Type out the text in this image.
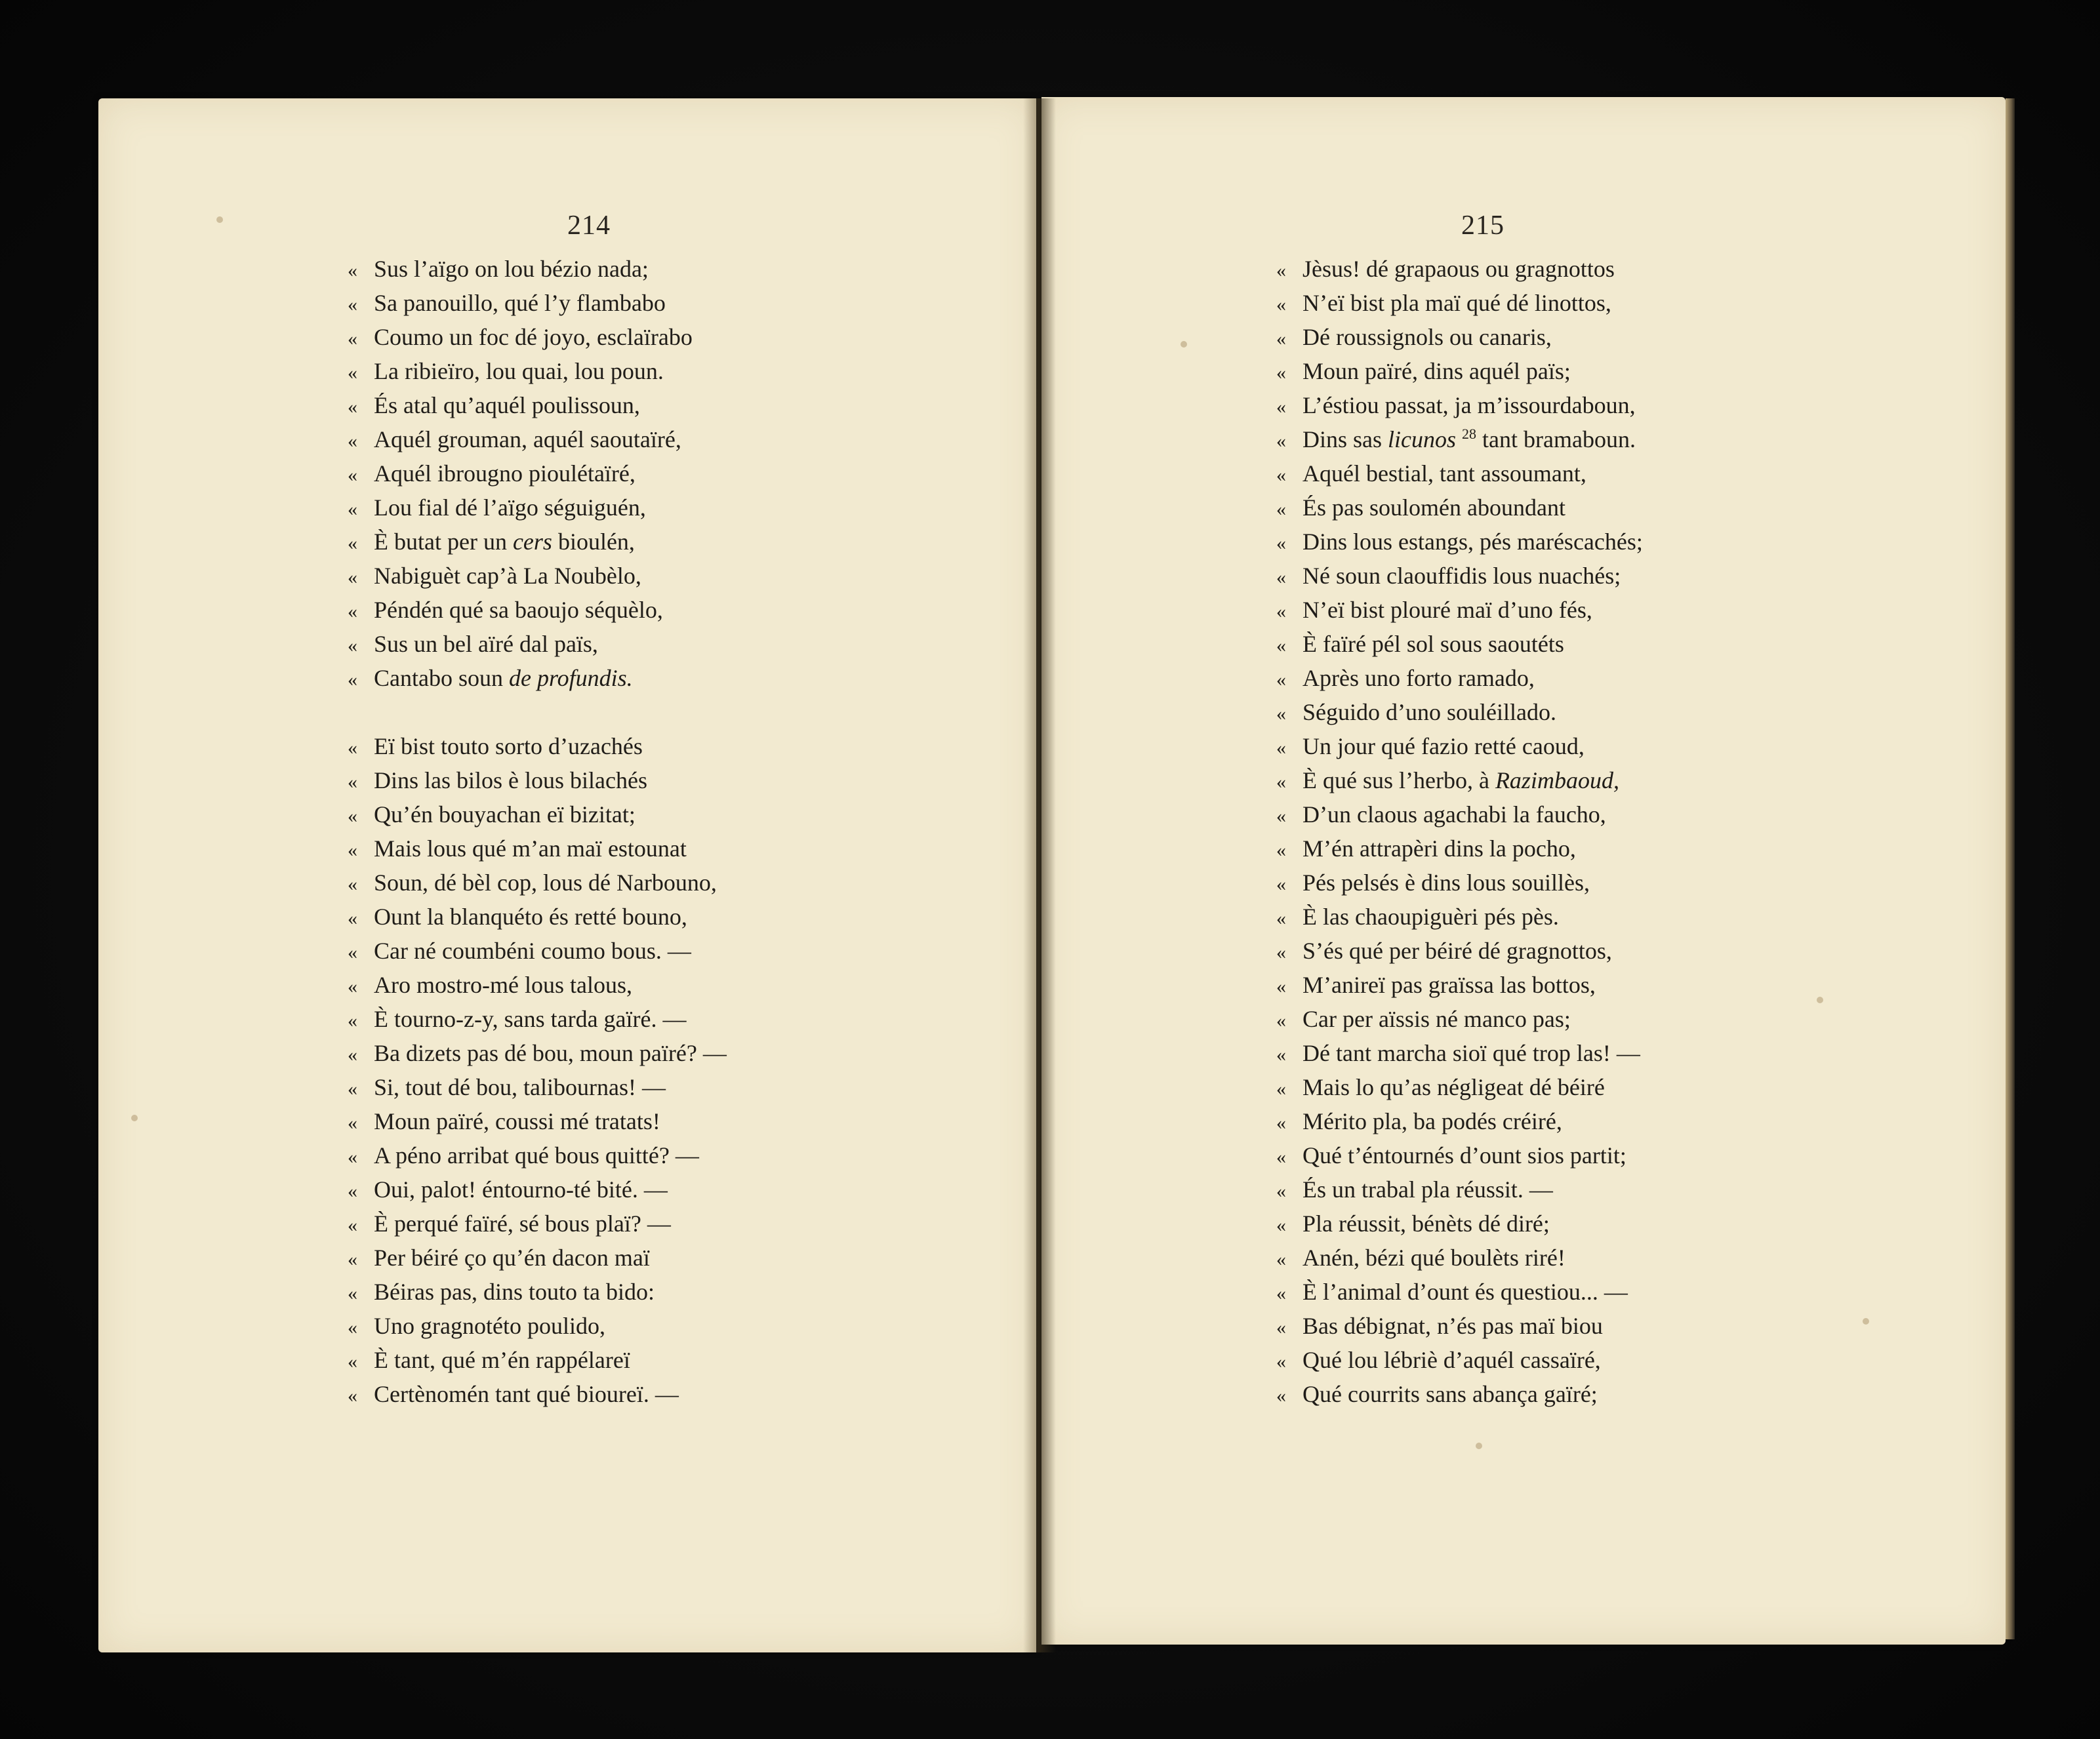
214
« Sus l’aïgo on lou bézio nada;
« Sa panouillo, qué l’y flambabo
« Coumo un foc dé joyo, esclaïrabo
« La ribieïro, lou quai, lou poun.
« És atal qu’aquél poulissoun,
« Aquél grouman, aquél saoutaïré,
« Aquél ibrougno pioulétaïré,
« Lou fial dé l’aïgo séguiguén,
« È butat per un cers bioulén,
« Nabiguèt cap’à La Noubèlo,
« Péndén qué sa baoujo séquèlo,
« Sus un bel aïré dal païs,
« Cantabo soun de profundis.
« Eï bist touto sorto d’uzachés
« Dins las bilos è lous bilachés
« Qu’én bouyachan eï bizitat;
« Mais lous qué m’an maï estounat
« Soun, dé bèl cop, lous dé Narbouno,
« Ount la blanquéto és retté bouno,
« Car né coumbéni coumo bous. —
« Aro mostro-mé lous talous,
« È tourno-z-y, sans tarda gaïré. —
« Ba dizets pas dé bou, moun païré? —
« Si, tout dé bou, talibournas! —
« Moun païré, coussi mé tratats!
« A péno arribat qué bous quitté? —
« Oui, palot! éntourno-té bité. —
« È perqué faïré, sé bous plaï? —
« Per béiré ço qu’én dacon maï
« Béiras pas, dins touto ta bido:
« Uno gragnotéto poulido,
« È tant, qué m’én rappélareï
« Certènomén tant qué bioureï. —
215
« Jèsus! dé grapaous ou gragnottos
« N’eï bist pla maï qué dé linottos,
« Dé roussignols ou canaris,
« Moun païré, dins aquél païs;
« L’éstiou passat, ja m’issourdaboun,
« Dins sas licunos $^{28}$ tant bramaboun.
« Aquél bestial, tant assoumant,
« És pas soulomén aboundant
« Dins lous estangs, pés maréscachés;
« Né soun claouffidis lous nuachés;
« N’eï bist plouré maï d’uno fés,
« È faïré pél sol sous saoutéts
« Après uno forto ramado,
« Séguido d’uno souléillado.
« Un jour qué fazio retté caoud,
« È qué sus l’herbo, à Razimbaoud,
« D’un claous agachabi la faucho,
« M’én attrapèri dins la pocho,
« Pés pelsés è dins lous souillès,
« È las chaoupiguèri pés pès.
« S’és qué per béiré dé gragnottos,
« M’anireï pas graïssa las bottos,
« Car per aïssis né manco pas;
« Dé tant marcha sioï qué trop las! —
« Mais lo qu’as négligeat dé béiré
« Mérito pla, ba podés créiré,
« Qué t’éntournés d’ount sios partit;
« És un trabal pla réussit. —
« Pla réussit, bénèts dé diré;
« Anén, bézi qué boulèts riré!
« È l’animal d’ount és questiou... —
« Bas débignat, n’és pas maï biou
« Qué lou lébriè d’aquél cassaïré,
« Qué courrits sans abança gaïré;
